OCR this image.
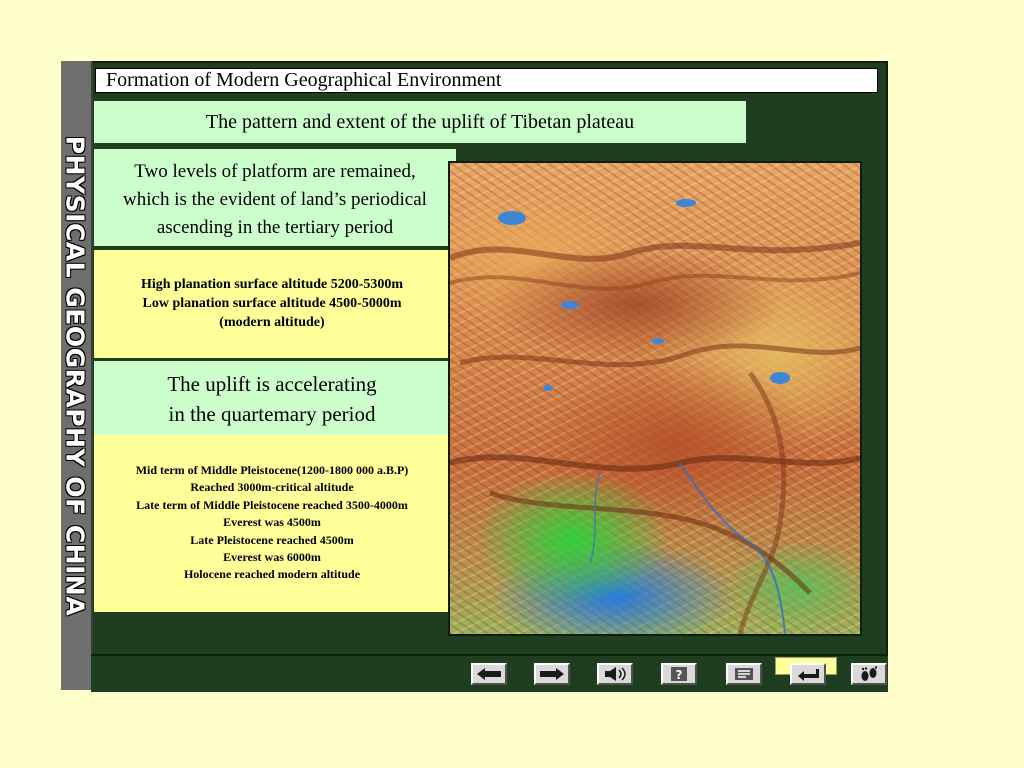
PHYSICAL GEOGRAPHY OF CHINA
Formation of Modern Geographical Environment
The pattern and extent of the uplift of Tibetan plateau
Two levels of platform are remained,
which is the evident of land’s periodical
ascending in the tertiary period
High planation surface altitude 5200-5300m
Low planation surface altitude 4500-5000m
(modern altitude)
The uplift is accelerating
in the quartemary period
Mid term of Middle Pleistocene(1200-1800 000 a.B.P)
Reached 3000m-critical altitude
Late term of Middle Pleistocene reached 3500-4000m
Everest was 4500m
Late Pleistocene reached 4500m
Everest was 6000m
Holocene reached modern altitude
?
